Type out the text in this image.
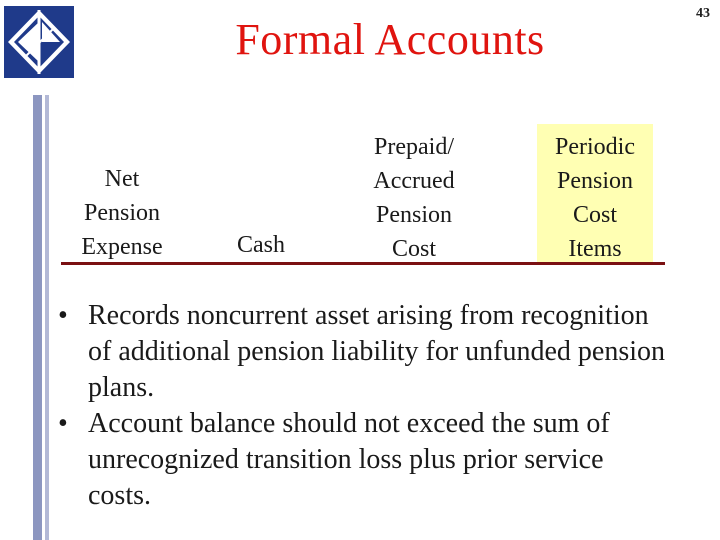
Formal Accounts
43
Net
Pension
Expense	Cash
Prepaid/
Accrued
Pension
Cost
Periodic
Pension
Cost
Items
• Records noncurrent asset arising from recognition of additional pension liability for unfunded pension plans.
• Account balance should not exceed the sum of unrecognized transition loss plus prior service costs.
